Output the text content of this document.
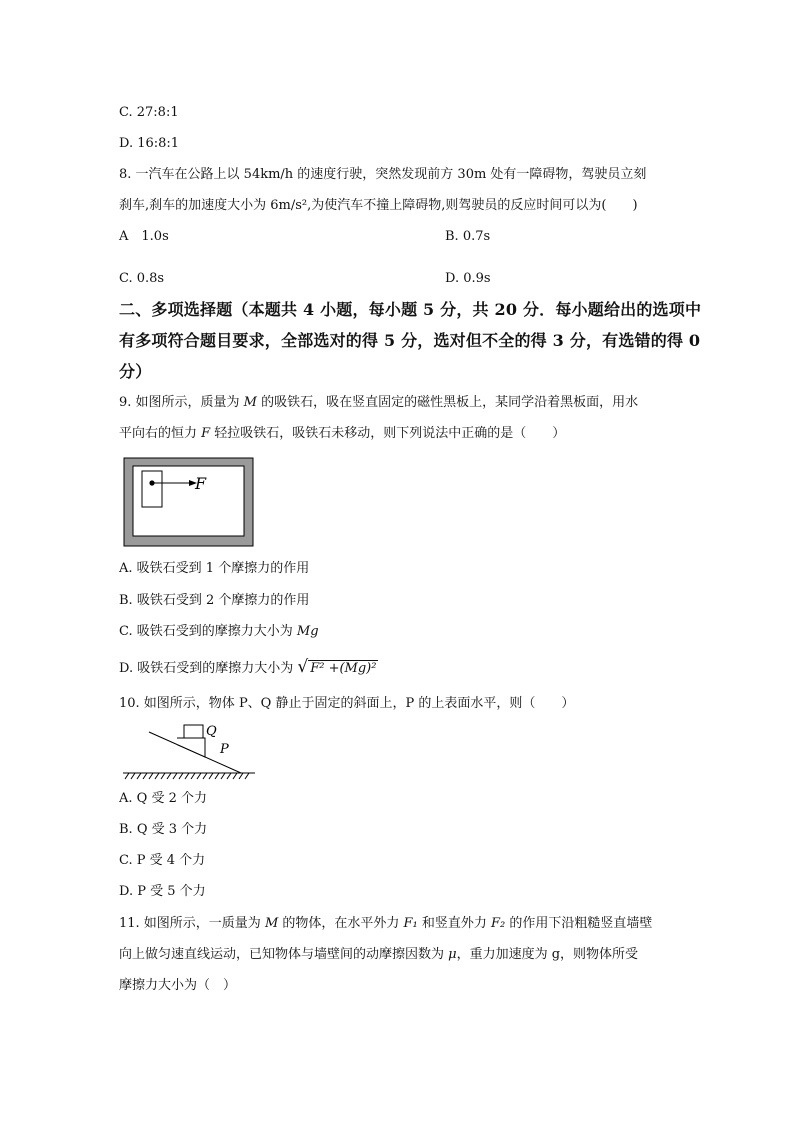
C. 27:8:1
D. 16:8:1
8. 一汽车在公路上以 54km/h 的速度行驶，突然发现前方 30m 处有一障碍物，驾驶员立刻
刹车,刹车的加速度大小为 6m/s²,为使汽车不撞上障碍物,则驾驶员的反应时间可以为(　　)
A　1.0s	B. 0.7s
C. 0.8s	D. 0.9s
二、多项选择题（本题共 4 小题，每小题 5 分，共 20 分．每小题给出的选项中
有多项符合题目要求，全部选对的得 5 分，选对但不全的得 3 分，有选错的得 0
分）
9. 如图所示，质量为 M 的吸铁石，吸在竖直固定的磁性黑板上，某同学沿着黑板面，用水
平向右的恒力 F 轻拉吸铁石，吸铁石未移动，则下列说法中正确的是（　　）
F
A. 吸铁石受到 1 个摩擦力的作用
B. 吸铁石受到 2 个摩擦力的作用
C. 吸铁石受到的摩擦力大小为 Mg
D. 吸铁石受到的摩擦力大小为 √ F² +(Mg)²
10. 如图所示，物体 P、Q 静止于固定的斜面上，P 的上表面水平，则（　　）
Q
P
A. Q 受 2 个力
B. Q 受 3 个力
C. P 受 4 个力
D. P 受 5 个力
11. 如图所示，一质量为 M 的物体，在水平外力 F₁ 和竖直外力 F₂ 的作用下沿粗糙竖直墙壁
向上做匀速直线运动，已知物体与墙壁间的动摩擦因数为 μ，重力加速度为 g，则物体所受
摩擦力大小为（　）
